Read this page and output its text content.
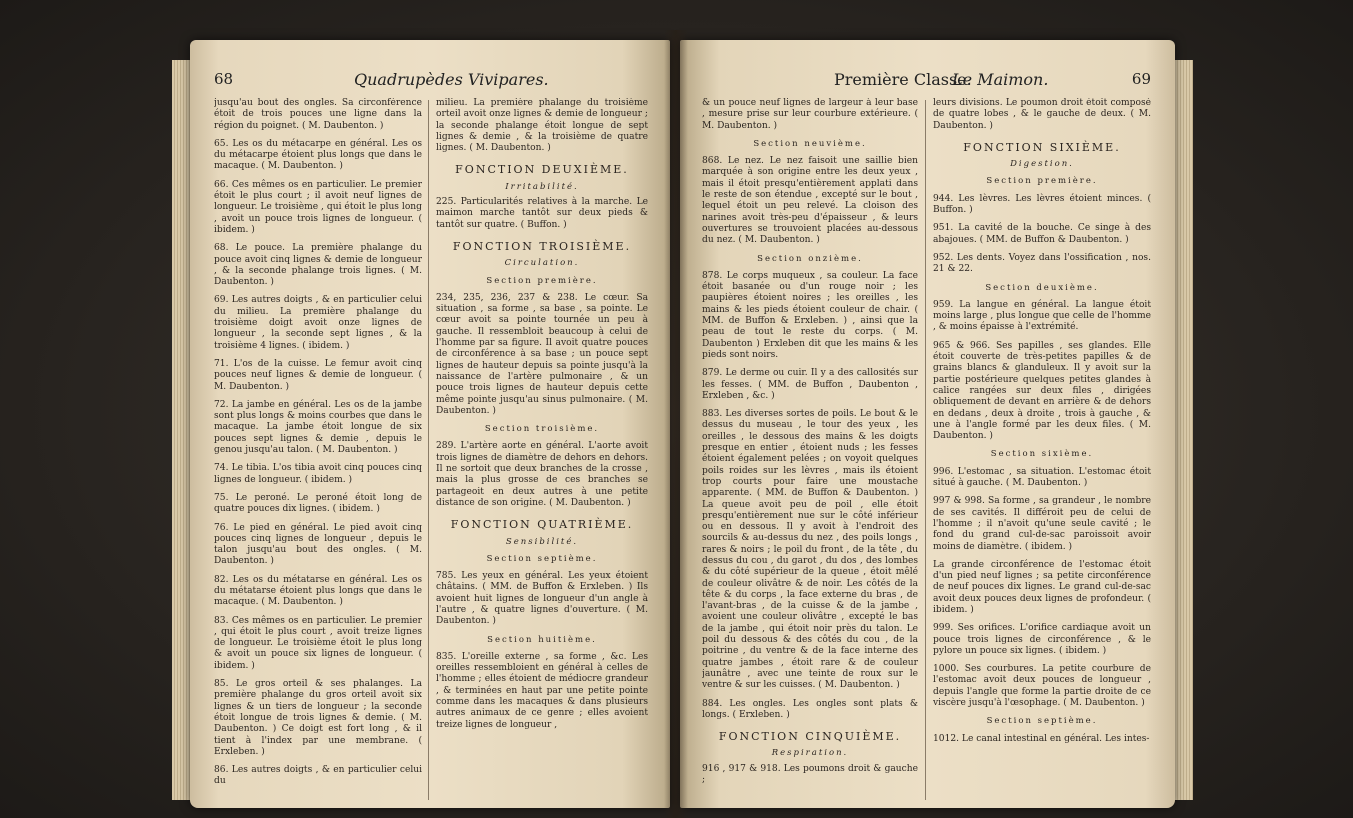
68	Quadrupèdes Vivipares.

jusqu'au bout des ongles. Sa circonférence étoit de trois pouces une ligne dans la région du poignet. ( M. Daubenton. )

65. Les os du métacarpe en général. Les os du métacarpe étoient plus longs que dans le macaque. ( M. Daubenton. )

66. Ces mêmes os en particulier. Le premier étoit le plus court ; il avoit neuf lignes de longueur. Le troisième , qui étoit le plus long , avoit un pouce trois lignes de longueur. ( ibidem. )

68. Le pouce. La première phalange du pouce avoit cinq lignes & demie de longueur , & la seconde phalange trois lignes. ( M. Daubenton. )

69. Les autres doigts , & en particulier celui du milieu. La première phalange du troisième doigt avoit onze lignes de longueur , la seconde sept lignes , & la troisième 4 lignes. ( ibidem. )

71. L'os de la cuisse. Le femur avoit cinq pouces neuf lignes & demie de longueur. ( M. Daubenton. )

72. La jambe en général. Les os de la jambe sont plus longs & moins courbes que dans le macaque. La jambe étoit longue de six pouces sept lignes & demie , depuis le genou jusqu'au talon. ( M. Daubenton. )

74. Le tibia. L'os tibia avoit cinq pouces cinq lignes de longueur. ( ibidem. )

75. Le peroné. Le peroné étoit long de quatre pouces dix lignes. ( ibidem. )

76. Le pied en général. Le pied avoit cinq pouces cinq lignes de longueur , depuis le talon jusqu'au bout des ongles. ( M. Daubenton. )

82. Les os du métatarse en général. Les os du métatarse étoient plus longs que dans le macaque. ( M. Daubenton. )

83. Ces mêmes os en particulier. Le premier , qui étoit le plus court , avoit treize lignes de longueur. Le troisième étoit le plus long & avoit un pouce six lignes de longueur. ( ibidem. )

85. Le gros orteil & ses phalanges. La première phalange du gros orteil avoit six lignes & un tiers de longueur ; la seconde étoit longue de trois lignes & demie. ( M. Daubenton. ) Ce doigt est fort long , & il tient à l'index par une membrane. ( Erxleben. )

86. Les autres doigts , & en particulier celui du

milieu. La première phalange du troisième orteil avoit onze lignes & demie de longueur ; la seconde phalange étoit longue de sept lignes & demie , & la troisième de quatre lignes. ( M. Daubenton. )

FONCTION DEUXIÈME.
Irritabilité.

225. Particularités relatives à la marche. Le maimon marche tantôt sur deux pieds & tantôt sur quatre. ( Buffon. )

FONCTION TROISIÈME.
Circulation.
Section première.

234, 235, 236, 237 & 238. Le cœur. Sa situation , sa forme , sa base , sa pointe. Le cœur avoit sa pointe tournée un peu à gauche. Il ressembloit beaucoup à celui de l'homme par sa figure. Il avoit quatre pouces de circonférence à sa base ; un pouce sept lignes de hauteur depuis sa pointe jusqu'à la naissance de l'artère pulmonaire , & un pouce trois lignes de hauteur depuis cette même pointe jusqu'au sinus pulmonaire. ( M. Daubenton. )

Section troisième.

289. L'artère aorte en général. L'aorte avoit trois lignes de diamètre de dehors en dehors. Il ne sortoit que deux branches de la crosse , mais la plus grosse de ces branches se partageoit en deux autres à une petite distance de son origine. ( M. Daubenton. )

FONCTION QUATRIÈME.
Sensibilité.
Section septième.

785. Les yeux en général. Les yeux étoient châtains. ( MM. de Buffon & Erxleben. ) Ils avoient huit lignes de longueur d'un angle à l'autre , & quatre lignes d'ouverture. ( M. Daubenton. )

Section huitième.

835. L'oreille externe , sa forme , &c. Les oreilles ressembloient en général à celles de l'homme ; elles étoient de médiocre grandeur , & terminées en haut par une petite pointe comme dans les macaques & dans plusieurs autres animaux de ce genre ; elles avoient treize lignes de longueur ,

Première Classe.
Le Maimon.	69

& un pouce neuf lignes de largeur à leur base , mesure prise sur leur courbure extérieure. ( M. Daubenton. )

Section neuvième.

868. Le nez. Le nez faisoit une saillie bien marquée à son origine entre les deux yeux , mais il étoit presqu'entièrement applati dans le reste de son étendue , excepté sur le bout , lequel étoit un peu relevé. La cloison des narines avoit très-peu d'épaisseur , & leurs ouvertures se trouvoient placées au-dessous du nez. ( M. Daubenton. )

Section onzième.

878. Le corps muqueux , sa couleur. La face étoit basanée ou d'un rouge noir ; les paupières étoient noires ; les oreilles , les mains & les pieds étoient couleur de chair. ( MM. de Buffon & Erxleben. ) , ainsi que la peau de tout le reste du corps. ( M. Daubenton ) Erxleben dit que les mains & les pieds sont noirs.

879. Le derme ou cuir. Il y a des callosités sur les fesses. ( MM. de Buffon , Daubenton , Erxleben , &c. )

883. Les diverses sortes de poils. Le bout & le dessus du museau , le tour des yeux , les oreilles , le dessous des mains & les doigts presque en entier , étoient nuds ; les fesses étoient également pelées ; on voyoit quelques poils roides sur les lèvres , mais ils étoient trop courts pour faire une moustache apparente. ( MM. de Buffon & Daubenton. ) La queue avoit peu de poil , elle étoit presqu'entièrement nue sur le côté inférieur ou en dessous. Il y avoit à l'endroit des sourcils & au-dessus du nez , des poils longs , rares & noirs ; le poil du front , de la tête , du dessus du cou , du garot , du dos , des lombes & du côté supérieur de la queue , étoit mêlé de couleur olivâtre & de noir. Les côtés de la tête & du corps , la face externe du bras , de l'avant-bras , de la cuisse & de la jambe , avoient une couleur olivâtre , excepté le bas de la jambe , qui étoit noir près du talon. Le poil du dessous & des côtés du cou , de la poitrine , du ventre & de la face interne des quatre jambes , étoit rare & de couleur jaunâtre , avec une teinte de roux sur le ventre & sur les cuisses. ( M. Daubenton. )

884. Les ongles. Les ongles sont plats & longs. ( Erxleben. )

FONCTION CINQUIÈME.
Respiration.

916 , 917 & 918. Les poumons droit & gauche ;

leurs divisions. Le poumon droit étoit composé de quatre lobes , & le gauche de deux. ( M. Daubenton. )

FONCTION SIXIÈME.
Digestion.
Section première.

944. Les lèvres. Les lèvres étoient minces. ( Buffon. )

951. La cavité de la bouche. Ce singe à des abajoues. ( MM. de Buffon & Daubenton. )

952. Les dents. Voyez dans l'ossification , nos. 21 & 22.

Section deuxième.

959. La langue en général. La langue étoit moins large , plus longue que celle de l'homme , & moins épaisse à l'extrémité.

965 & 966. Ses papilles , ses glandes. Elle étoit couverte de très-petites papilles & de grains blancs & glanduleux. Il y avoit sur la partie postérieure quelques petites glandes à calice rangées sur deux files , dirigées obliquement de devant en arrière & de dehors en dedans , deux à droite , trois à gauche , & une à l'angle formé par les deux files. ( M. Daubenton. )

Section sixième.

996. L'estomac , sa situation. L'estomac étoit situé à gauche. ( M. Daubenton. )

997 & 998. Sa forme , sa grandeur , le nombre de ses cavités. Il différoit peu de celui de l'homme ; il n'avoit qu'une seule cavité ; le fond du grand cul-de-sac paroissoit avoir moins de diamètre. ( ibidem. )

La grande circonférence de l'estomac étoit d'un pied neuf lignes ; sa petite circonférence de neuf pouces dix lignes. Le grand cul-de-sac avoit deux pouces deux lignes de profondeur. ( ibidem. )

999. Ses orifices. L'orifice cardiaque avoit un pouce trois lignes de circonférence , & le pylore un pouce six lignes. ( ibidem. )

1000. Ses courbures. La petite courbure de l'estomac avoit deux pouces de longueur , depuis l'angle que forme la partie droite de ce viscère jusqu'à l'œsophage. ( M. Daubenton. )

Section septième.

1012. Le canal intestinal en général. Les intes-
